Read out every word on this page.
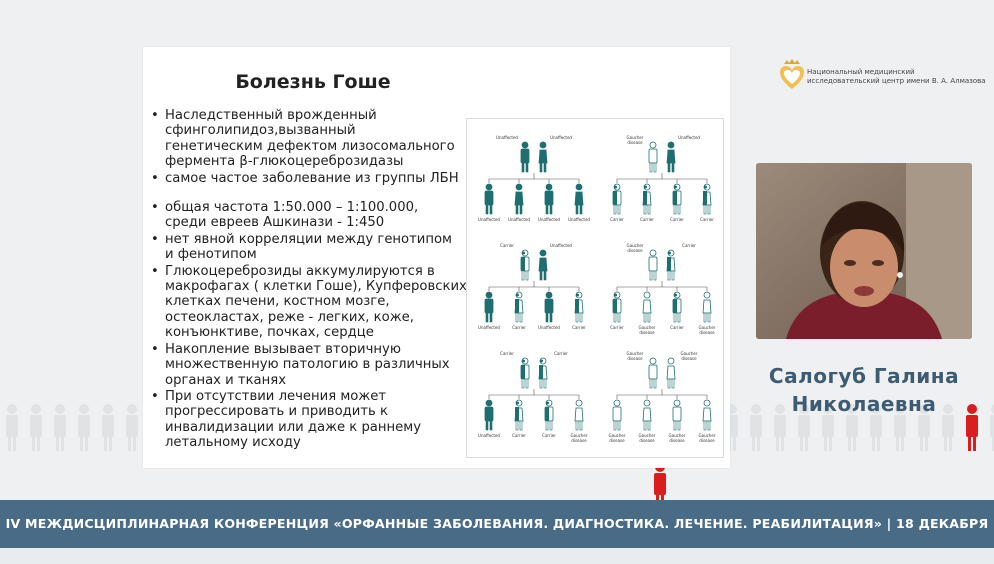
Болезнь Гоше
• Наследственный врожденный
сфинголипидоз,вызванный
генетическим дефектом лизосомального
фермента β-глюкоцереброзидазы
• самое частое заболевание из группы ЛБН
• общая частота 1:50.000 – 1:100.000,
среди евреев Ашкинази - 1:450
• нет явной корреляции между генотипом
и фенотипом
• Глюкоцереброзиды аккумулируются в
макрофагах ( клетки Гоше), Купферовских
клетках печени, костном мозге,
остеокластах, реже - легких, коже,
конъюнктиве, почках, сердце
• Накопление вызывает вторичную
множественную патологию в различных
органах и тканях
• При отсутствии лечения может
прогрессировать и приводить к
инвалидизации или даже к раннему
летальному исходу
Unaffected	Unaffected
Unaffected Unaffected Unaffected Unaffected
Gaucher
disease
Unaffected
Carrier	Carrier	Carrier	Carrier
Carrier	Unaffected
Unaffected	Carrier	Unaffected	Carrier
Gaucher
disease
Carrier
Carrier	Gaucher
disease
Carrier	Gaucher
disease
Carrier	Carrier
Unaffected	Carrier	Carrier	Gaucher
disease
Gaucher
disease
Gaucher
disease
Gaucher
disease
Gaucher
disease
Gaucher
disease
Gaucher
disease
Национальный медицинский
исследовательский центр имени В. А. Алмазова
Салогуб Галина
Николаевна
IV МЕЖДИСЦИПЛИНАРНАЯ КОНФЕРЕНЦИЯ «ОРФАННЫЕ ЗАБОЛЕВАНИЯ. ДИАГНОСТИКА. ЛЕЧЕНИЕ. РЕАБИЛИТАЦИЯ» | 18 ДЕКАБРЯ
